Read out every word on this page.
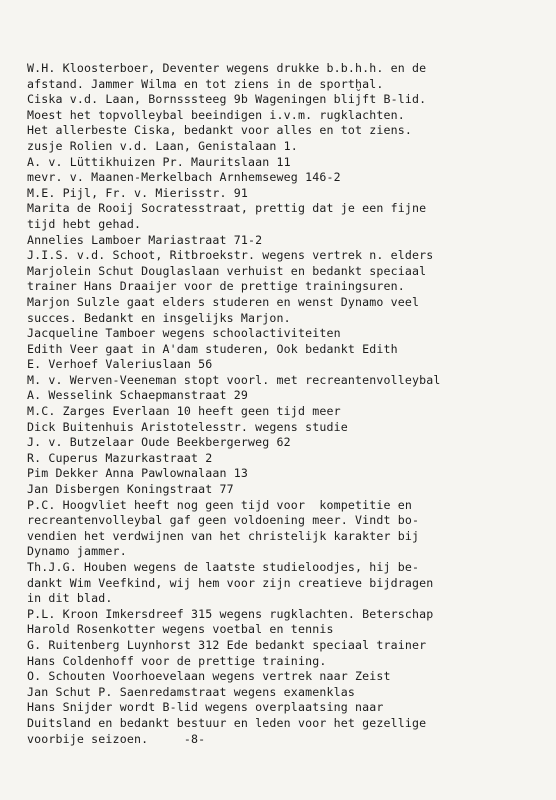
W.H. Kloosterboer, Deventer wegens drukke b.b.h.h. en de
afstand. Jammer Wilma en tot ziens in de sportḫal.
Ciska v.d. Laan, Bornsssteeg 9b Wageningen blijft B-lid.
Moest het topvolleybal beeindigen i.v.m. rugklachten.
Het allerbeste Ciska, bedankt voor alles en tot ziens.
zusje Rolien v.d. Laan, Genistalaan 1.
A. v. Lüttikhuizen Pr. Mauritslaan 11
mevr. v. Maanen-Merkelbach Arnhemseweg 146-2
M.E. Pijl, Fr. v. Mierisstr. 91
Marita de Rooij Socratesstraat, prettig dat je een fijne
tijd hebt gehad.
Annelies Lamboer Mariastraat 71-2
J.I.S. v.d. Schoot, Ritbroekstr. wegens vertrek n. elders
Marjolein Schut Douglaslaan verhuist en bedankt speciaal
trainer Hans Draaijer voor de prettige trainingsuren.
Marjon Sulzle gaat elders studeren en wenst Dynamo veel
succes. Bedankt en insgelijks Marjon.
Jacqueline Tamboer wegens schoolactiviteiten
Edith Veer gaat in A'dam studeren, Ook bedankt Edith
E. Verhoef Valeriuslaan 56
M. v. Werven-Veeneman stopt voorl. met recreantenvolleybal
A. Wesselink Schaepmanstraat 29
M.C. Zarges Everlaan 10 heeft geen tijd meer
Dick Buitenhuis Aristotelesstr. wegens studie
J. v. Butzelaar Oude Beekbergerweg 62
R. Cuperus Mazurkastraat 2
Pim Dekker Anna Pawlownalaan 13
Jan Disbergen Koningstraat 77
P.C. Hoogvliet heeft nog geen tijd voor  kompetitie en
recreantenvolleybal gaf geen voldoening meer. Vindt bo-
vendien het verdwijnen van het christelijk karakter bij
Dynamo jammer.
Th.J.G. Houben wegens de laatste studieloodjes, hij be-
dankt Wim Veefkind, wij hem voor zijn creatieve bijdragen
in dit blad.
P.L. Kroon Imkersdreef 315 wegens rugklachten. Beterschap
Harold Rosenkotter wegens voetbal en tennis
G. Ruitenberg Luynhorst 312 Ede bedankt speciaal trainer
Hans Coldenhoff voor de prettige training.
O. Schouten Voorhoevelaan wegens vertrek naar Zeist
Jan Schut P. Saenredamstraat wegens examenklas
Hans Snijder wordt B-lid wegens overplaatsing naar
Duitsland en bedankt bestuur en leden voor het gezellige
voorbije seizoen.     -8-
